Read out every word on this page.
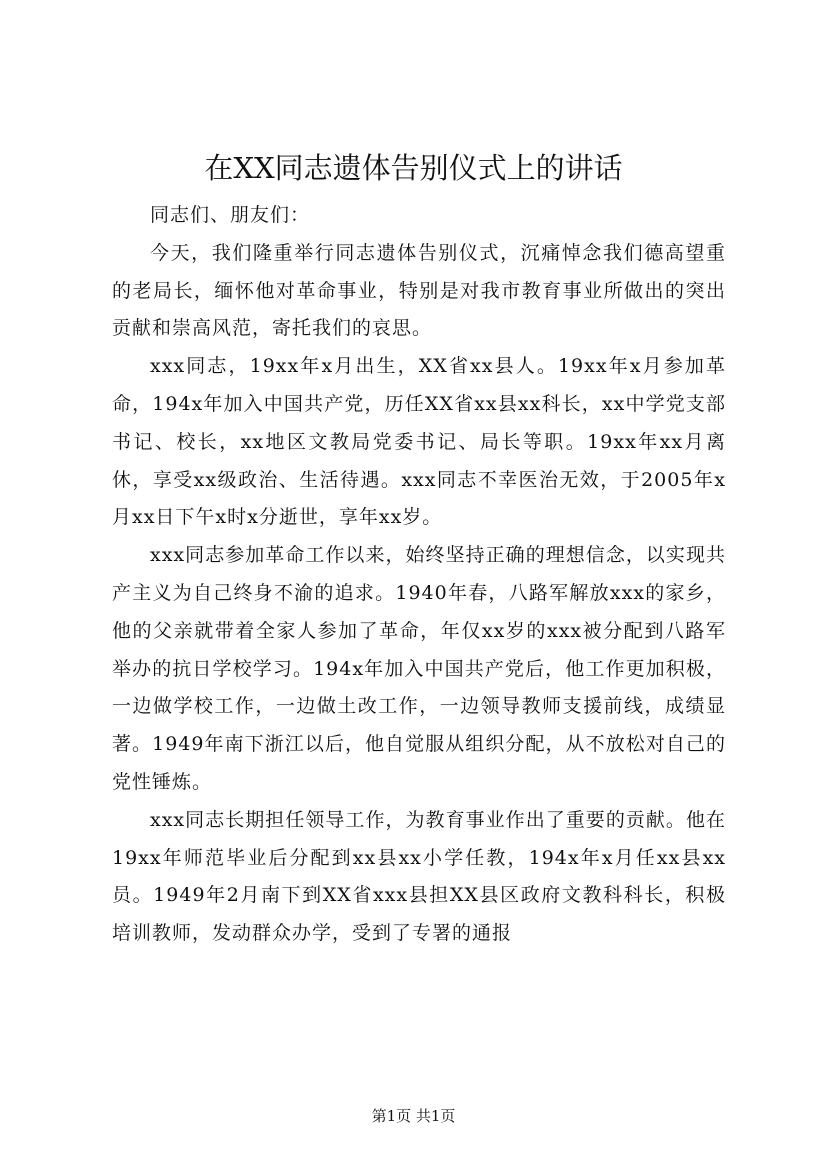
在XX同志遗体告别仪式上的讲话

同志们、朋友们：

今天，我们隆重举行同志遗体告别仪式，沉痛悼念我们德高望重的老局长，缅怀他对革命事业，特别是对我市教育事业所做出的突出贡献和崇高风范，寄托我们的哀思。

xxx同志，19xx年x月出生，XX省xx县人。19xx年x月参加革命，194x年加入中国共产党，历任XX省xx县xx科长，xx中学党支部书记、校长，xx地区文教局党委书记、局长等职。19xx年xx月离休，享受xx级政治、生活待遇。xxx同志不幸医治无效，于2005年x月xx日下午x时x分逝世，享年xx岁。

xxx同志参加革命工作以来，始终坚持正确的理想信念，以实现共产主义为自己终身不渝的追求。1940年春，八路军解放xxx的家乡，他的父亲就带着全家人参加了革命，年仅xx岁的xxx被分配到八路军举办的抗日学校学习。194x年加入中国共产党后，他工作更加积极，一边做学校工作，一边做土改工作，一边领导教师支援前线，成绩显著。1949年南下浙江以后，他自觉服从组织分配，从不放松对自己的党性锤炼。

xxx同志长期担任领导工作，为教育事业作出了重要的贡献。他在19xx年师范毕业后分配到xx县xx小学任教，194x年x月任xx县xx员。1949年2月南下到XX省xxx县担XX县区政府文教科科长，积极培训教师，发动群众办学，受到了专署的通报

第1页 共1页
